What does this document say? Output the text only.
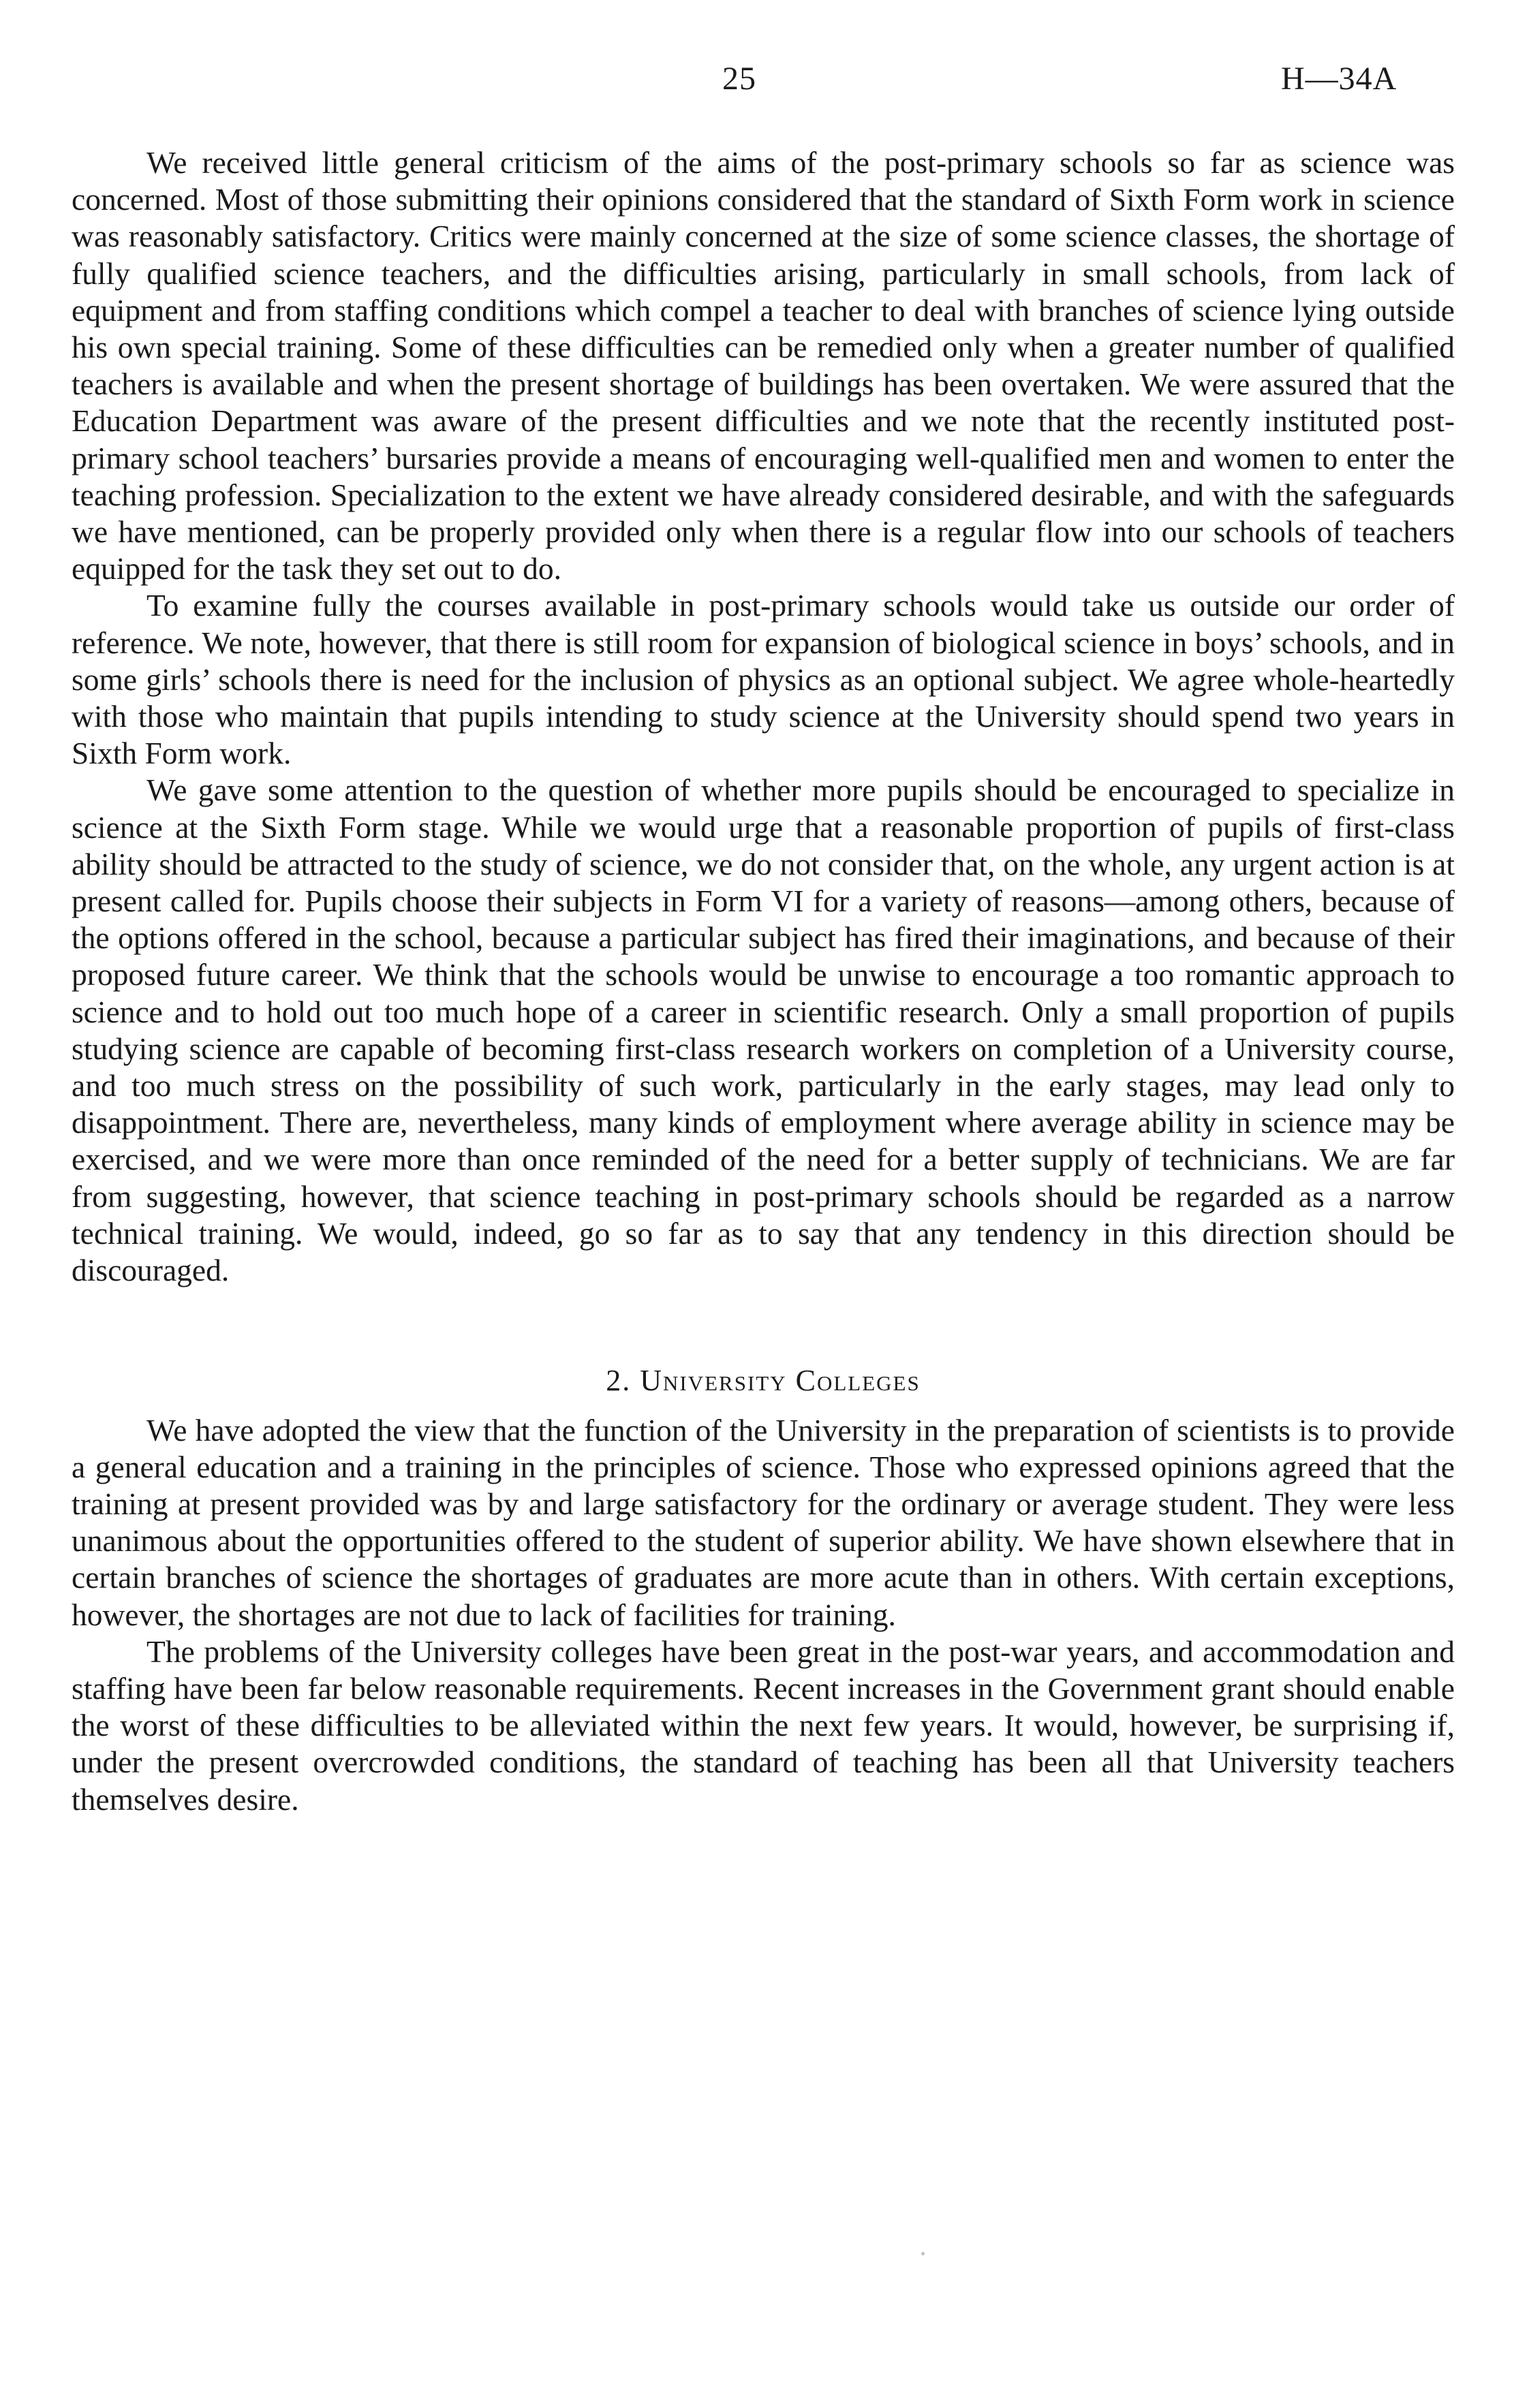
25	H—34A

We received little general criticism of the aims of the post-primary schools so far as science was concerned. Most of those submitting their opinions considered that the standard of Sixth Form work in science was reasonably satisfactory. Critics were mainly concerned at the size of some science classes, the shortage of fully qualified science teachers, and the difficulties arising, particularly in small schools, from lack of equipment and from staffing conditions which compel a teacher to deal with branches of science lying outside his own special training. Some of these difficulties can be remedied only when a greater number of qualified teachers is available and when the present shortage of buildings has been overtaken. We were assured that the Education Department was aware of the present difficulties and we note that the recently instituted post-primary school teachers’ bursaries provide a means of encouraging well-qualified men and women to enter the teaching profession. Specialization to the extent we have already considered desirable, and with the safeguards we have mentioned, can be properly provided only when there is a regular flow into our schools of teachers equipped for the task they set out to do.

To examine fully the courses available in post-primary schools would take us outside our order of reference. We note, however, that there is still room for expansion of biological science in boys’ schools, and in some girls’ schools there is need for the inclusion of physics as an optional subject. We agree whole-heartedly with those who maintain that pupils intending to study science at the University should spend two years in Sixth Form work.

We gave some attention to the question of whether more pupils should be encouraged to specialize in science at the Sixth Form stage. While we would urge that a reasonable proportion of pupils of first-class ability should be attracted to the study of science, we do not consider that, on the whole, any urgent action is at present called for. Pupils choose their subjects in Form VI for a variety of reasons—among others, because of the options offered in the school, because a particular subject has fired their imaginations, and because of their proposed future career. We think that the schools would be unwise to encourage a too romantic approach to science and to hold out too much hope of a career in scientific research. Only a small proportion of pupils studying science are capable of becoming first-class research workers on completion of a University course, and too much stress on the possibility of such work, particularly in the early stages, may lead only to disappointment. There are, nevertheless, many kinds of employment where average ability in science may be exercised, and we were more than once reminded of the need for a better supply of technicians. We are far from suggesting, however, that science teaching in post-primary schools should be regarded as a narrow technical training. We would, indeed, go so far as to say that any tendency in this direction should be discouraged.

2. University Colleges

We have adopted the view that the function of the University in the preparation of scientists is to provide a general education and a training in the principles of science. Those who expressed opinions agreed that the training at present provided was by and large satisfactory for the ordinary or average student. They were less unanimous about the opportunities offered to the student of superior ability. We have shown elsewhere that in certain branches of science the shortages of graduates are more acute than in others. With certain exceptions, however, the shortages are not due to lack of facilities for training.

The problems of the University colleges have been great in the post-war years, and accommodation and staffing have been far below reasonable requirements. Recent increases in the Government grant should enable the worst of these difficulties to be alleviated within the next few years. It would, however, be surprising if, under the present overcrowded conditions, the standard of teaching has been all that University teachers themselves desire.
